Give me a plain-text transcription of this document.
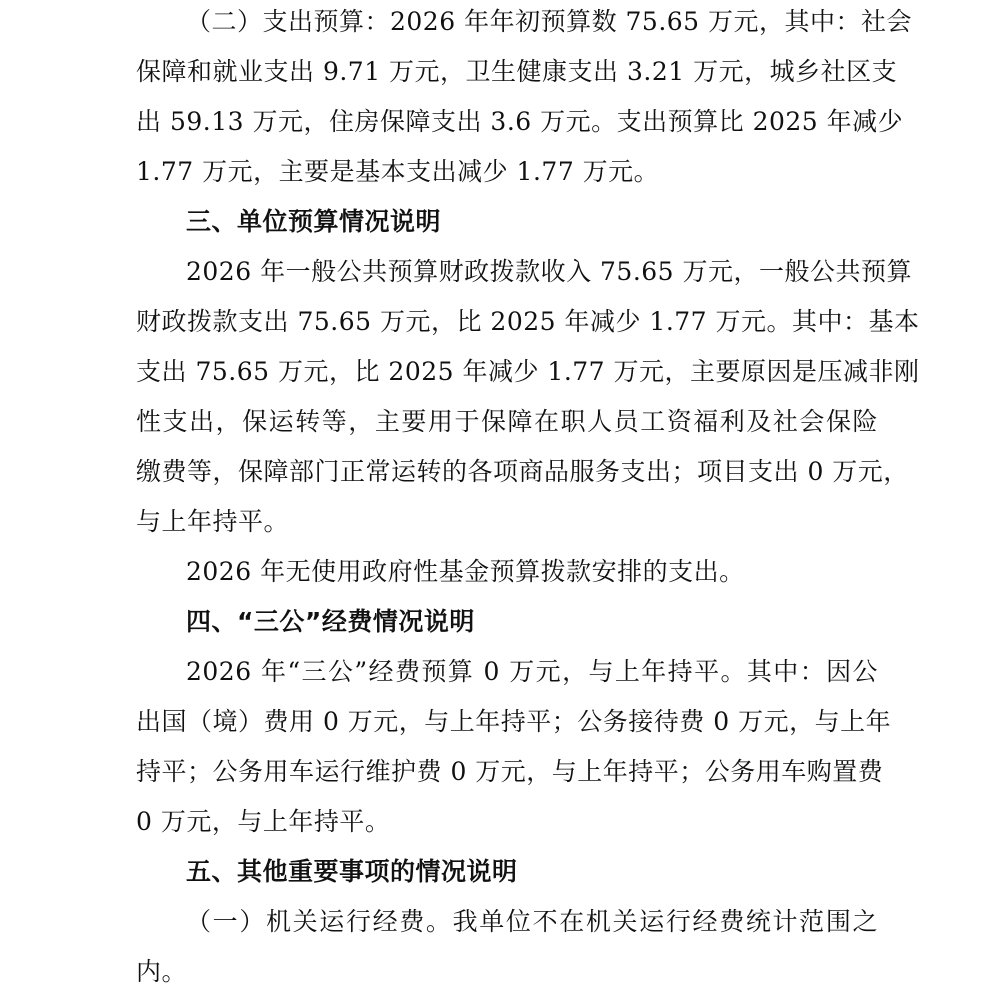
（二）支出预算：2026 年年初预算数 75.65 万元，其中：社会
保障和就业支出 9.71 万元，卫生健康支出 3.21 万元，城乡社区支
出 59.13 万元，住房保障支出 3.6 万元。支出预算比 2025 年减少
1.77 万元，主要是基本支出减少 1.77 万元。
三、单位预算情况说明
2026 年一般公共预算财政拨款收入 75.65 万元，一般公共预算
财政拨款支出 75.65 万元，比 2025 年减少 1.77 万元。其中：基本
支出 75.65 万元，比 2025 年减少 1.77 万元，主要原因是压减非刚
性支出，保运转等，主要用于保障在职人员工资福利及社会保险
缴费等，保障部门正常运转的各项商品服务支出；项目支出 0 万元，
与上年持平。
2026 年无使用政府性基金预算拨款安排的支出。
四、“三公”经费情况说明
2026 年“三公”经费预算 0 万元，与上年持平。其中：因公
出国（境）费用 0 万元，与上年持平；公务接待费 0 万元，与上年
持平；公务用车运行维护费 0 万元，与上年持平；公务用车购置费
0 万元，与上年持平。
五、其他重要事项的情况说明
（一）机关运行经费。我单位不在机关运行经费统计范围之
内。
